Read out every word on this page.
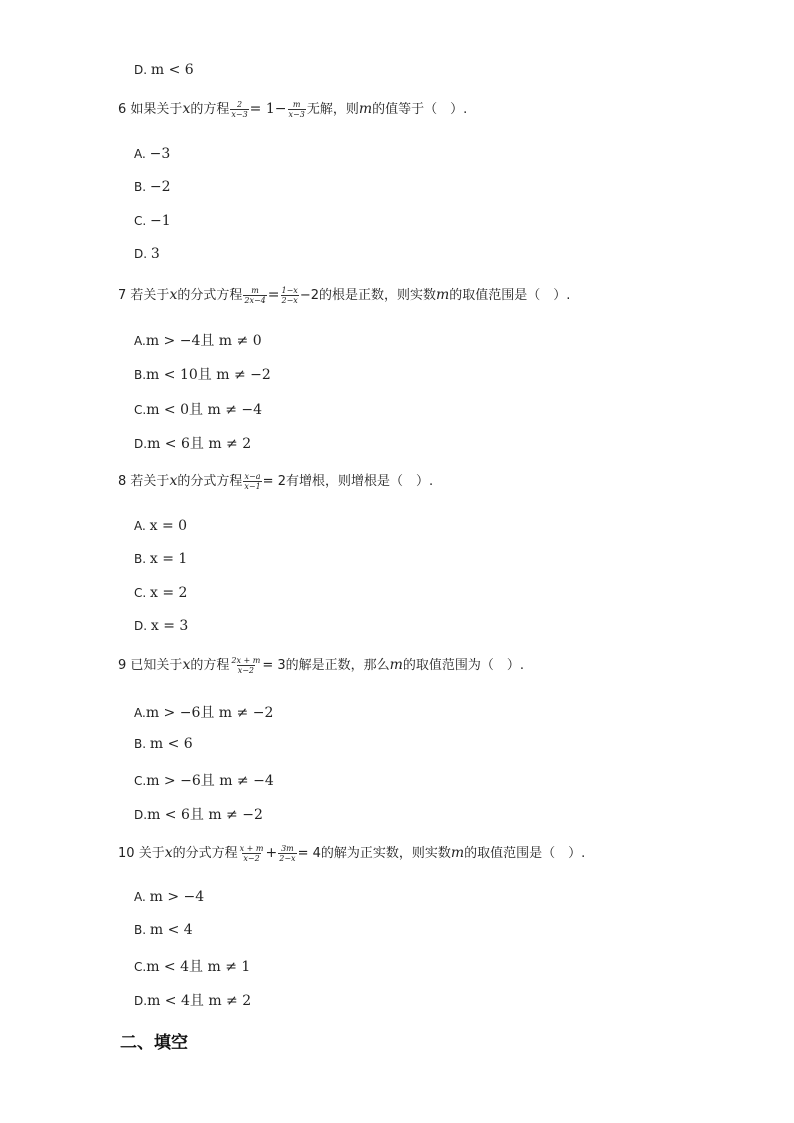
D. m < 6
6 如果关于x的方程 $\frac{2}{x-3} = 1- \frac{m}{x-3}$ 无解，则m的值等于（　）.
A. −3
B. −2
C. −1
D. 3
7 若关于x的分式方程 $\frac{m}{2x-4} = \frac{1-x}{2-x} -2$的根是正数，则实数m的取值范围是（　）.
A.m > −4且 m ≠ 0
B.m < 10且 m ≠ −2
C.m < 0且 m ≠ −4
D.m < 6且 m ≠ 2
8 若关于x的分式方程 $\frac{x-a}{x-1} = 2$有增根，则增根是（　）.
A. x = 0
B. x = 1
C. x = 2
D. x = 3
9 已知关于x的方程 $\frac{2x + m}{x-2} = 3$的解是正数，那么m的取值范围为（　）.
A.m > −6且 m ≠ −2
B. m < 6
C.m > −6且 m ≠ −4
D.m < 6且 m ≠ −2
10 关于x的分式方程 $\frac{x + m}{x-2} + \frac{3m}{2-x} = 4$的解为正实数，则实数m的取值范围是（　）.
A. m > −4
B. m < 4
C.m < 4且 m ≠ 1
D.m < 4且 m ≠ 2
二、填空
